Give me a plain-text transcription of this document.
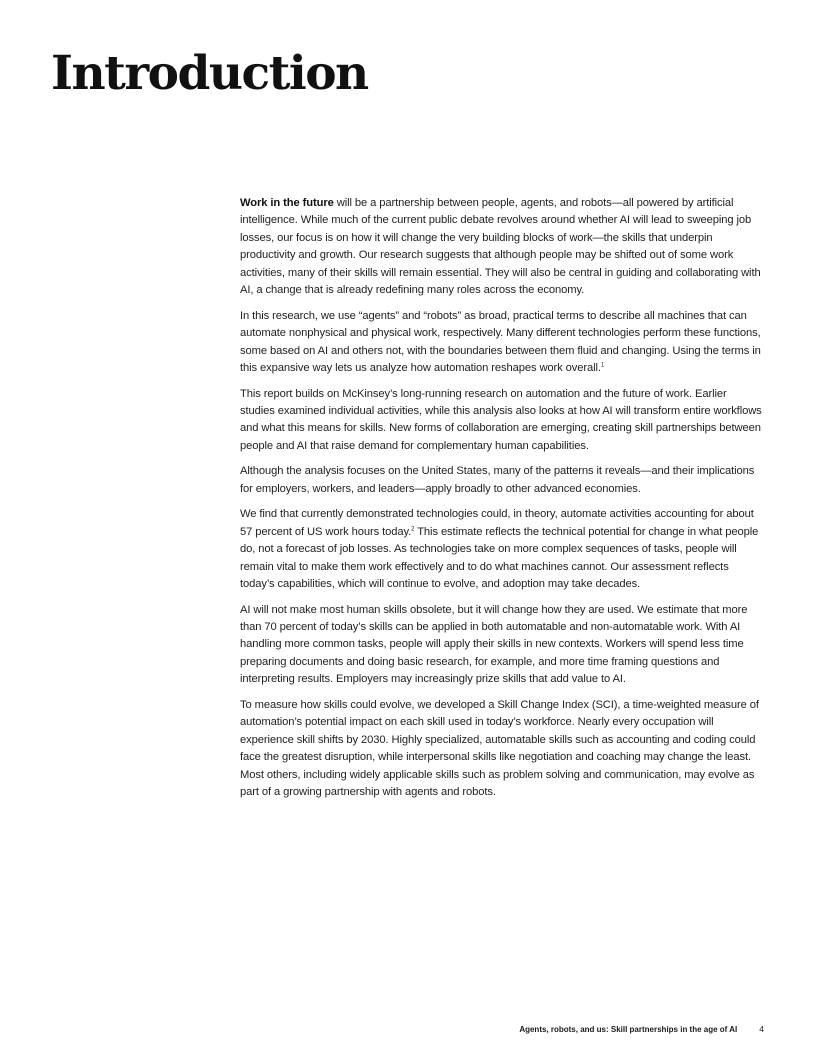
Introduction

Work in the future will be a partnership between people, agents, and robots—all powered by artificial intelligence. While much of the current public debate revolves around whether AI will lead to sweeping job losses, our focus is on how it will change the very building blocks of work—the skills that underpin productivity and growth. Our research suggests that although people may be shifted out of some work activities, many of their skills will remain essential. They will also be central in guiding and collaborating with AI, a change that is already redefining many roles across the economy.

In this research, we use “agents” and “robots” as broad, practical terms to describe all machines that can automate nonphysical and physical work, respectively. Many different technologies perform these functions, some based on AI and others not, with the boundaries between them fluid and changing. Using the terms in this expansive way lets us analyze how automation reshapes work overall.$^1$

This report builds on McKinsey’s long-running research on automation and the future of work. Earlier studies examined individual activities, while this analysis also looks at how AI will transform entire workflows and what this means for skills. New forms of collaboration are emerging, creating skill partnerships between people and AI that raise demand for complementary human capabilities.

Although the analysis focuses on the United States, many of the patterns it reveals—and their implications for employers, workers, and leaders—apply broadly to other advanced economies.

We find that currently demonstrated technologies could, in theory, automate activities accounting for about 57 percent of US work hours today.$^2$ This estimate reflects the technical potential for change in what people do, not a forecast of job losses. As technologies take on more complex sequences of tasks, people will remain vital to make them work effectively and to do what machines cannot. Our assessment reflects today’s capabilities, which will continue to evolve, and adoption may take decades.

AI will not make most human skills obsolete, but it will change how they are used. We estimate that more than 70 percent of today’s skills can be applied in both automatable and non-automatable work. With AI handling more common tasks, people will apply their skills in new contexts. Workers will spend less time preparing documents and doing basic research, for example, and more time framing questions and interpreting results. Employers may increasingly prize skills that add value to AI.

To measure how skills could evolve, we developed a Skill Change Index (SCI), a time-weighted measure of automation’s potential impact on each skill used in today’s workforce. Nearly every occupation will experience skill shifts by 2030. Highly specialized, automatable skills such as accounting and coding could face the greatest disruption, while interpersonal skills like negotiation and coaching may change the least. Most others, including widely applicable skills such as problem solving and communication, may evolve as part of a growing partnership with agents and robots.

Agents, robots, and us: Skill partnerships in the age of AI	4
